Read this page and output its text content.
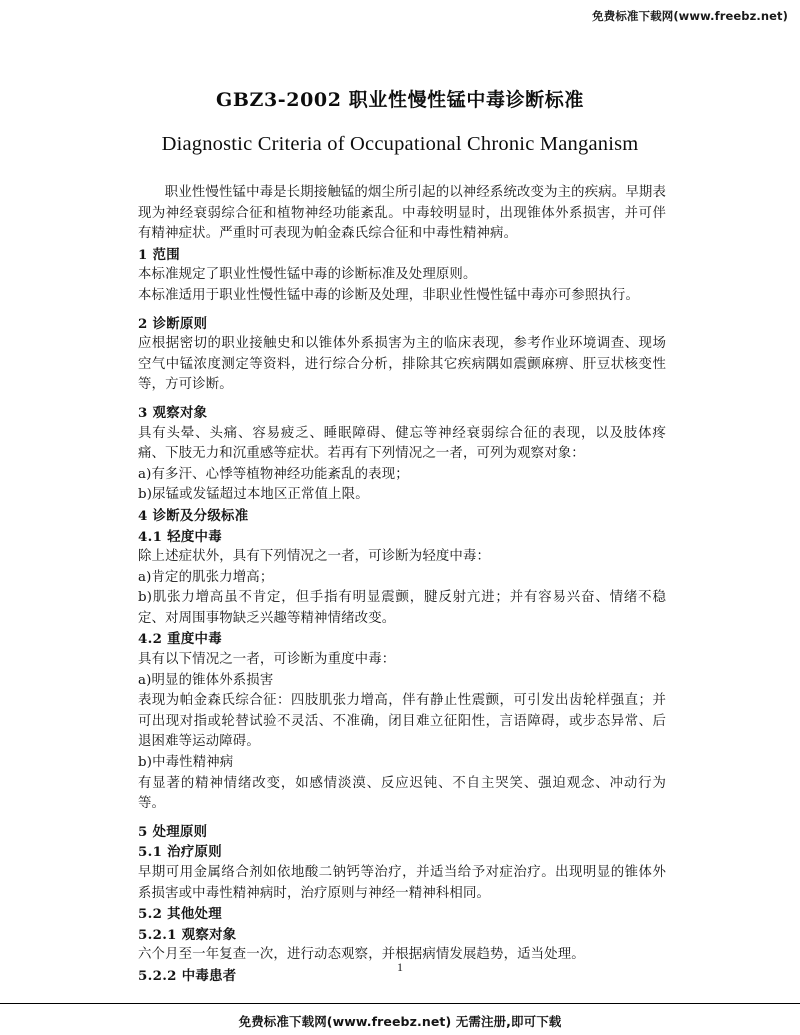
免费标准下载网(www.freebz.net)
GBZ3-2002 职业性慢性锰中毒诊断标准
Diagnostic Criteria of Occupational Chronic Manganism

职业性慢性锰中毒是长期接触锰的烟尘所引起的以神经系统改变为主的疾病。早期表现为神经衰弱综合征和植物神经功能紊乱。中毒较明显时，出现锥体外系损害，并可伴有精神症状。严重时可表现为帕金森氏综合征和中毒性精神病。

1 范围

本标准规定了职业性慢性锰中毒的诊断标准及处理原则。

本标准适用于职业性慢性锰中毒的诊断及处理，非职业性慢性锰中毒亦可参照执行。

2 诊断原则

应根据密切的职业接触史和以锥体外系损害为主的临床表现，参考作业环境调查、现场空气中锰浓度测定等资料，进行综合分析，排除其它疾病隅如震颤麻痹、肝豆状核变性等，方可诊断。

3 观察对象

具有头晕、头痛、容易疲乏、睡眠障碍、健忘等神经衰弱综合征的表现，以及肢体疼痛、下肢无力和沉重感等症状。若再有下列情况之一者，可列为观察对象：

a)有多汗、心悸等植物神经功能紊乱的表现；

b)尿锰或发锰超过本地区正常值上限。

4 诊断及分级标准

4.1 轻度中毒

除上述症状外，具有下列情况之一者，可诊断为轻度中毒：

a)肯定的肌张力增高；

b)肌张力增高虽不肯定，但手指有明显震颤，腱反射亢进；并有容易兴奋、情绪不稳定、对周围事物缺乏兴趣等精神情绪改变。

4.2 重度中毒

具有以下情况之一者，可诊断为重度中毒：

a)明显的锥体外系损害

表现为帕金森氏综合征：四肢肌张力增高，伴有静止性震颤，可引发出齿轮样强直；并可出现对指或轮替试验不灵活、不准确，闭目难立征阳性，言语障碍，或步态异常、后退困难等运动障碍。

b)中毒性精神病

有显著的精神情绪改变，如感情淡漠、反应迟钝、不自主哭笑、强迫观念、冲动行为等。

5 处理原则

5.1 治疗原则

早期可用金属络合剂如依地酸二钠钙等治疗，并适当给予对症治疗。出现明显的锥体外系损害或中毒性精神病时，治疗原则与神经一精神科相同。

5.2 其他处理

5.2.1 观察对象

六个月至一年复查一次，进行动态观察，并根据病情发展趋势，适当处理。

5.2.2 中毒患者

1
免费标准下载网(www.freebz.net) 无需注册,即可下载
